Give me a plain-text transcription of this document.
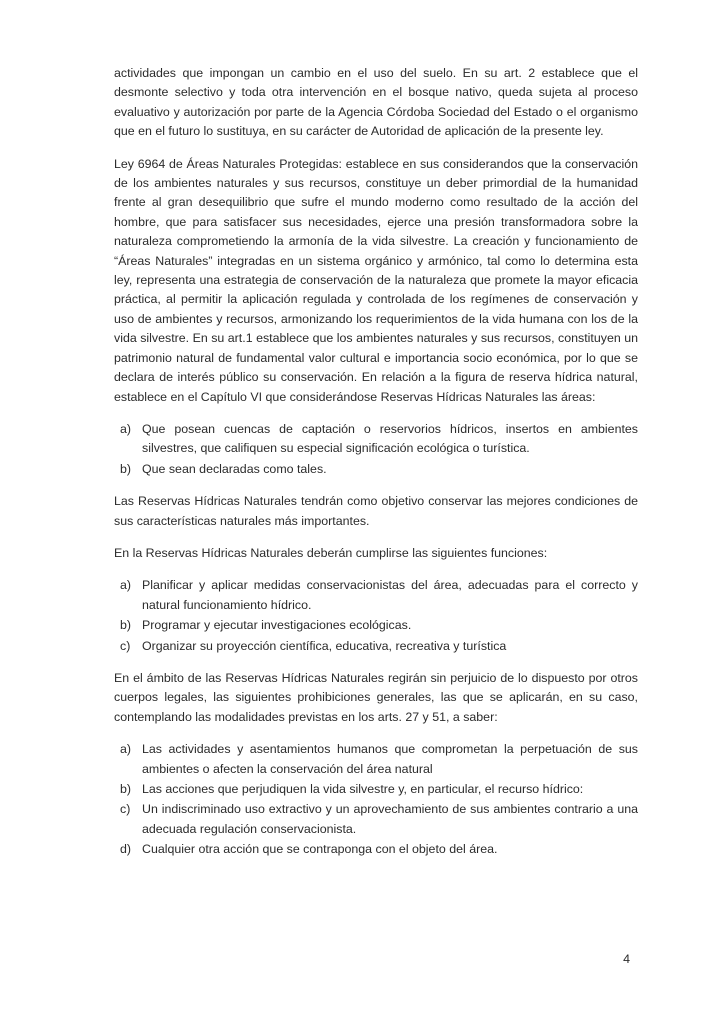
actividades que impongan un cambio en el uso del suelo. En su art. 2 establece que el desmonte selectivo y toda otra intervención en el bosque nativo, queda sujeta al proceso evaluativo y autorización por parte de la Agencia Córdoba Sociedad del Estado o el organismo que en el futuro lo sustituya, en su carácter de Autoridad de aplicación de la presente ley.

Ley 6964 de Áreas Naturales Protegidas: establece en sus considerandos que la conservación de los ambientes naturales y sus recursos, constituye un deber primordial de la humanidad frente al gran desequilibrio que sufre el mundo moderno como resultado de la acción del hombre, que para satisfacer sus necesidades, ejerce una presión transformadora sobre la naturaleza comprometiendo la armonía de la vida silvestre. La creación y funcionamiento de “Áreas Naturales” integradas en un sistema orgánico y armónico, tal como lo determina esta ley, representa una estrategia de conservación de la naturaleza que promete la mayor eficacia práctica, al permitir la aplicación regulada y controlada de los regímenes de conservación y uso de ambientes y recursos, armonizando los requerimientos de la vida humana con los de la vida silvestre. En su art.1 establece que los ambientes naturales y sus recursos, constituyen un patrimonio natural de fundamental valor cultural e importancia socio económica, por lo que se declara de interés público su conservación. En relación a la figura de reserva hídrica natural, establece en el Capítulo VI que considerándose Reservas Hídricas Naturales las áreas:

a) Que posean cuencas de captación o reservorios hídricos, insertos en ambientes silvestres, que califiquen su especial significación ecológica o turística.
b) Que sean declaradas como tales.

Las Reservas Hídricas Naturales tendrán como objetivo conservar las mejores condiciones de sus características naturales más importantes.

En la Reservas Hídricas Naturales deberán cumplirse las siguientes funciones:

a) Planificar y aplicar medidas conservacionistas del área, adecuadas para el correcto y natural funcionamiento hídrico.
b) Programar y ejecutar investigaciones ecológicas.
c) Organizar su proyección científica, educativa, recreativa y turística

En el ámbito de las Reservas Hídricas Naturales regirán sin perjuicio de lo dispuesto por otros cuerpos legales, las siguientes prohibiciones generales, las que se aplicarán, en su caso, contemplando las modalidades previstas en los arts. 27 y 51, a saber:

a) Las actividades y asentamientos humanos que comprometan la perpetuación de sus ambientes o afecten la conservación del área natural
b) Las acciones que perjudiquen la vida silvestre y, en particular, el recurso hídrico:
c) Un indiscriminado uso extractivo y un aprovechamiento de sus ambientes contrario a una adecuada regulación conservacionista.
d) Cualquier otra acción que se contraponga con el objeto del área.
4
